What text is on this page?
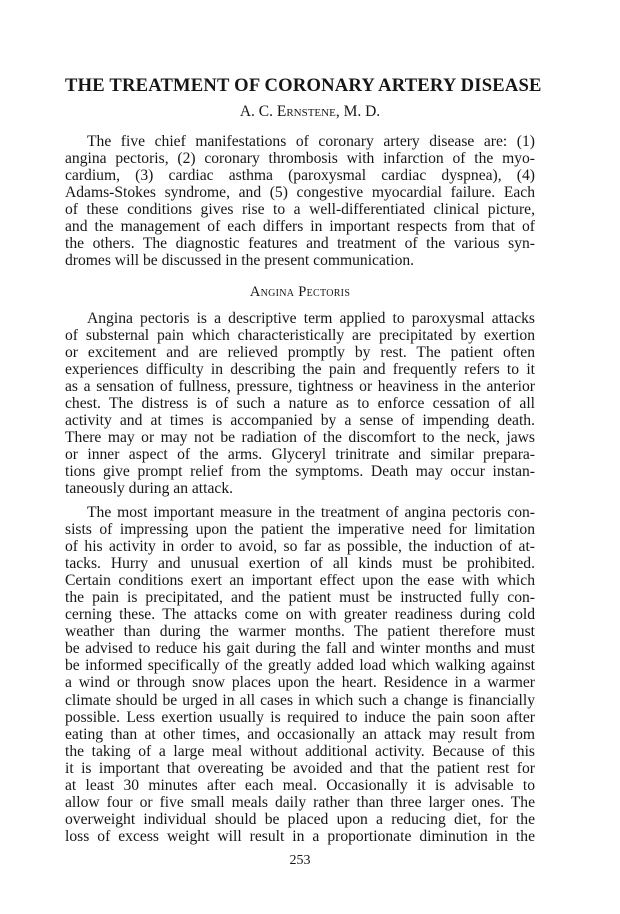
THE TREATMENT OF CORONARY ARTERY DISEASE
A. C. Ernstene, M. D.
The five chief manifestations of coronary artery disease are: (1)
angina pectoris, (2) coronary thrombosis with infarction of the myo-
cardium, (3) cardiac asthma (paroxysmal cardiac dyspnea), (4)
Adams-Stokes syndrome, and (5) congestive myocardial failure. Each
of these conditions gives rise to a well-differentiated clinical picture,
and the management of each differs in important respects from that of
the others. The diagnostic features and treatment of the various syn-
dromes will be discussed in the present communication.
Angina Pectoris
Angina pectoris is a descriptive term applied to paroxysmal attacks
of substernal pain which characteristically are precipitated by exertion
or excitement and are relieved promptly by rest. The patient often
experiences difficulty in describing the pain and frequently refers to it
as a sensation of fullness, pressure, tightness or heaviness in the anterior
chest. The distress is of such a nature as to enforce cessation of all
activity and at times is accompanied by a sense of impending death.
There may or may not be radiation of the discomfort to the neck, jaws
or inner aspect of the arms. Glyceryl trinitrate and similar prepara-
tions give prompt relief from the symptoms. Death may occur instan-
taneously during an attack.
The most important measure in the treatment of angina pectoris con-
sists of impressing upon the patient the imperative need for limitation
of his activity in order to avoid, so far as possible, the induction of at-
tacks. Hurry and unusual exertion of all kinds must be prohibited.
Certain conditions exert an important effect upon the ease with which
the pain is precipitated, and the patient must be instructed fully con-
cerning these. The attacks come on with greater readiness during cold
weather than during the warmer months. The patient therefore must
be advised to reduce his gait during the fall and winter months and must
be informed specifically of the greatly added load which walking against
a wind or through snow places upon the heart. Residence in a warmer
climate should be urged in all cases in which such a change is financially
possible. Less exertion usually is required to induce the pain soon after
eating than at other times, and occasionally an attack may result from
the taking of a large meal without additional activity. Because of this
it is important that overeating be avoided and that the patient rest for
at least 30 minutes after each meal. Occasionally it is advisable to
allow four or five small meals daily rather than three larger ones. The
overweight individual should be placed upon a reducing diet, for the
loss of excess weight will result in a proportionate diminution in the
253
